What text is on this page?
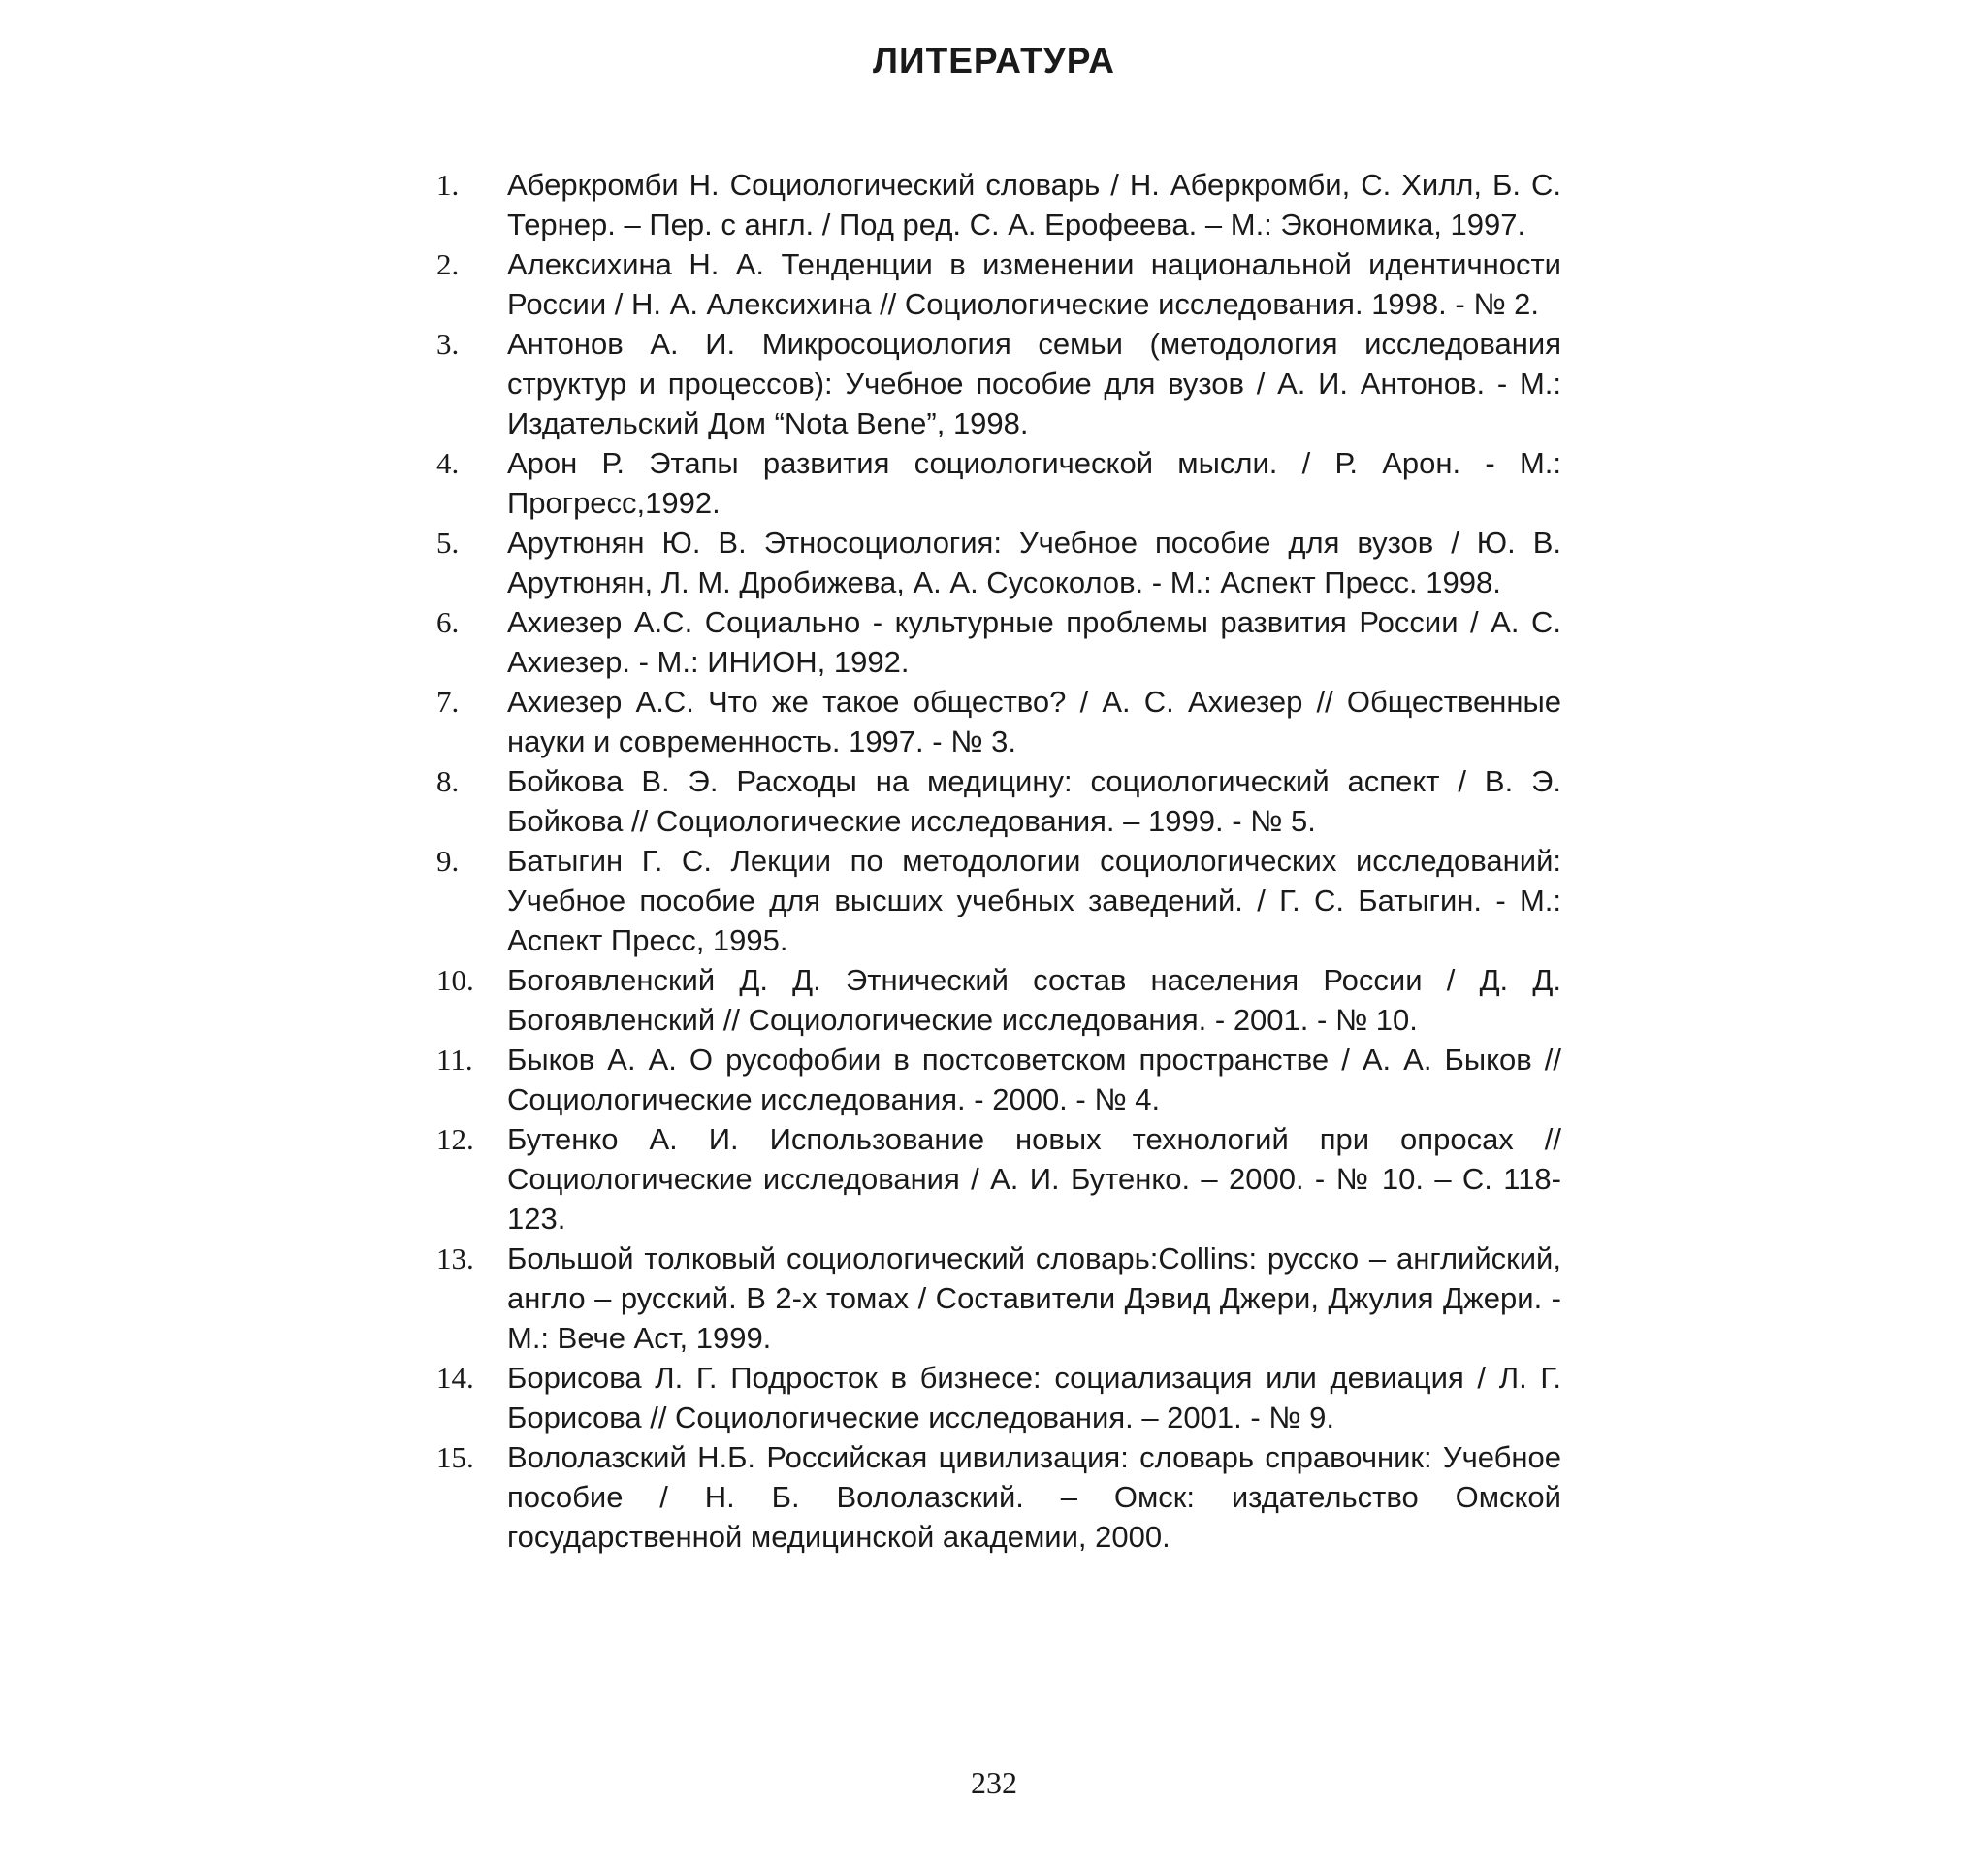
ЛИТЕРАТУРА
1.	Аберкромби Н. Социологический словарь / Н. Аберкромби, С. Хилл, Б. С. Тернер. – Пер. с англ. / Под ред. С. А. Ерофеева. – М.: Экономика, 1997.
2.	Алексихина Н. А. Тенденции в изменении национальной идентичности России / Н. А. Алексихина // Социологические исследования. 1998. - № 2.
3.	Антонов А. И. Микросоциология семьи (методология исследования структур и процессов): Учебное пособие для вузов / А. И. Антонов. - М.: Издательский Дом “Nota Bene”, 1998.
4.	Арон Р. Этапы развития социологической мысли. / Р. Арон. - М.: Прогресс,1992.
5.	Арутюнян Ю. В. Этносоциология: Учебное пособие для вузов / Ю. В. Арутюнян, Л. М. Дробижева, А. А. Сусоколов. - М.: Аспект Пресс. 1998.
6.	Ахиезер А.С. Социально - культурные проблемы развития России / А. С. Ахиезер. - М.: ИНИОН, 1992.
7.	Ахиезер А.С. Что же такое общество? / А. С. Ахиезер // Общественные науки и современность. 1997. - № 3.
8.	Бойкова В. Э. Расходы на медицину: социологический аспект / В. Э. Бойкова // Социологические исследования. – 1999. - № 5.
9.	Батыгин Г. С. Лекции по методологии социологических исследований: Учебное пособие для высших учебных заведений. / Г. С. Батыгин. - М.: Аспект Пресс, 1995.
10.	Богоявленский Д. Д. Этнический состав населения России / Д. Д. Богоявленский // Социологические исследования. - 2001. - № 10.
11.	Быков А. А. О русофобии в постсоветском пространстве / А. А. Быков // Социологические исследования. - 2000. - № 4.
12.	Бутенко А. И. Использование новых технологий при опросах // Социологические исследования / А. И. Бутенко. – 2000. - № 10. – С. 118-123.
13.	Большой толковый социологический словарь:Collins: русско – английский, англо – русский. В 2-х томах / Составители Дэвид Джери, Джулия Джери. - М.: Вече Аст, 1999.
14.	Борисова Л. Г. Подросток в бизнесе: социализация или девиация / Л. Г. Борисова // Социологические исследования. – 2001. - № 9.
15.	Вололазский Н.Б. Российская цивилизация: словарь справочник: Учебное пособие / Н. Б. Вололазский. – Омск: издательство Омской государственной медицинской академии, 2000.
232
